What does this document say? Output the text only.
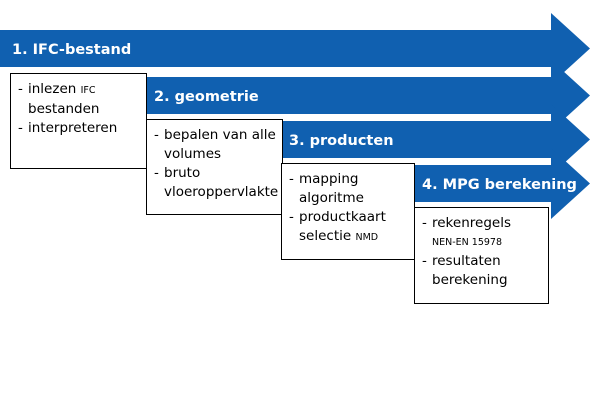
1. IFC-bestand
2. geometrie
3. producten
4. MPG berekening
- inlezen IFC
bestanden
- interpreteren	- bepalen van alle volumes
- bruto vloeroppervlakte
- mapping algoritme
- productkaart selectie NMD
- rekenregels
NEN-EN 15978
- resultaten berekening
